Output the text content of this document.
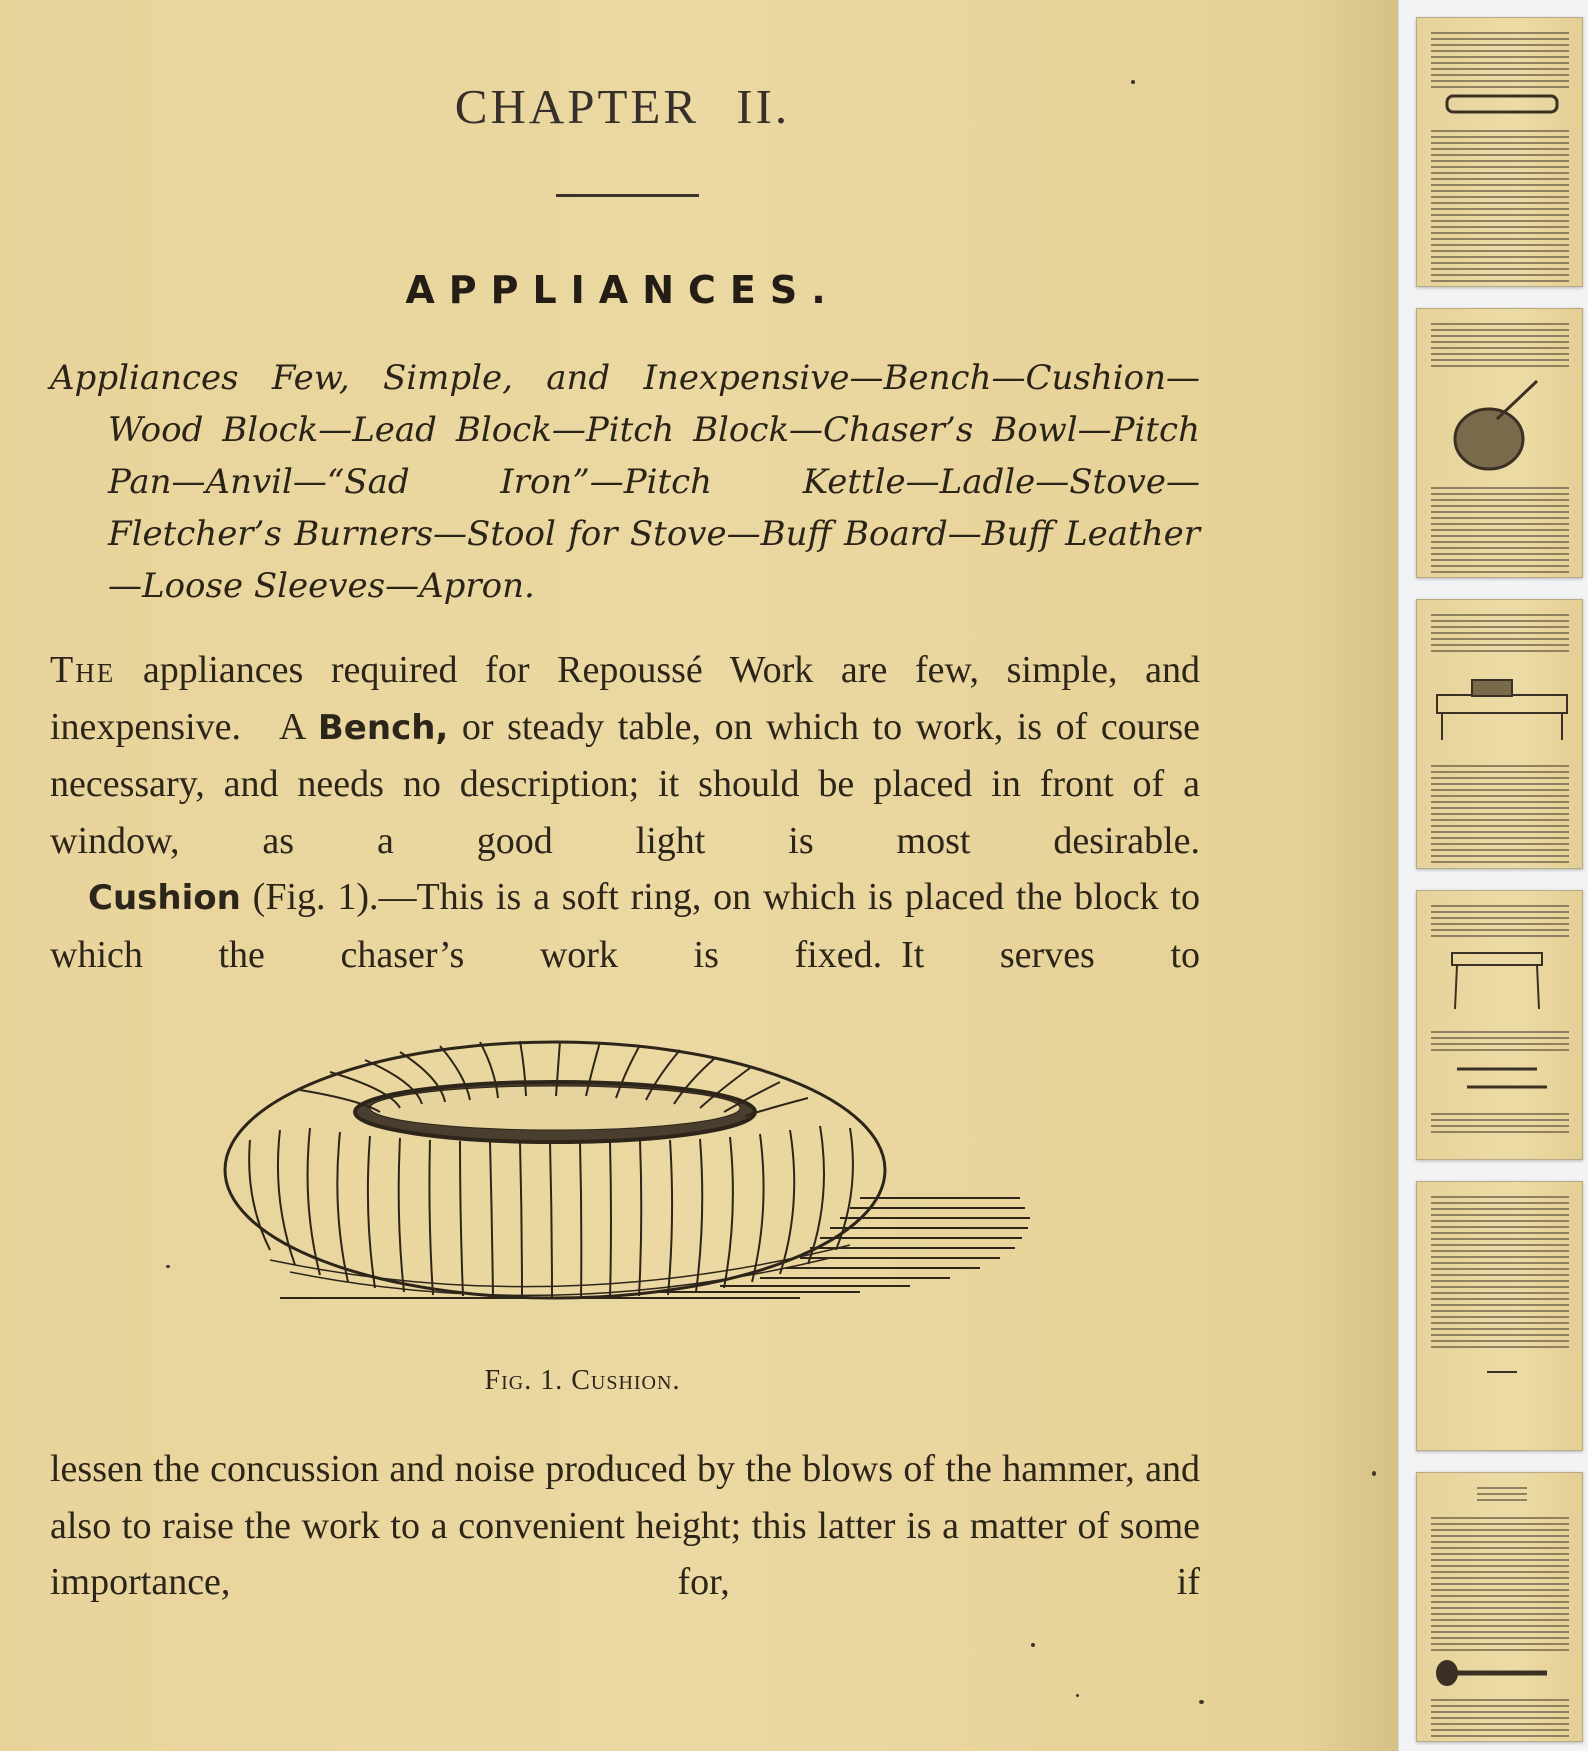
CHAPTER II.
APPLIANCES.
Appliances Few, Simple, and Inexpensive—Bench—Cushion—Wood Block—Lead Block—Pitch Block—Chaser’s Bowl—Pitch Pan—Anvil—“Sad Iron”—Pitch Kettle—Ladle—Stove—Fletcher’s Burners—Stool for Stove—Buff Board—Buff Leather—Loose Sleeves—Apron.
The appliances required for Repoussé Work are few, simple, and inexpensive. A Bench, or steady table, on which to work, is of course necessary, and needs no description; it should be placed in front of a window, as a good light is most desirable.
Cushion (Fig. 1).—This is a soft ring, on which is placed the block to which the chaser’s work is fixed. It serves to
Fig. 1. Cushion.
lessen the concussion and noise produced by the blows of the hammer, and also to raise the work to a convenient height; this latter is a matter of some importance, for, if
